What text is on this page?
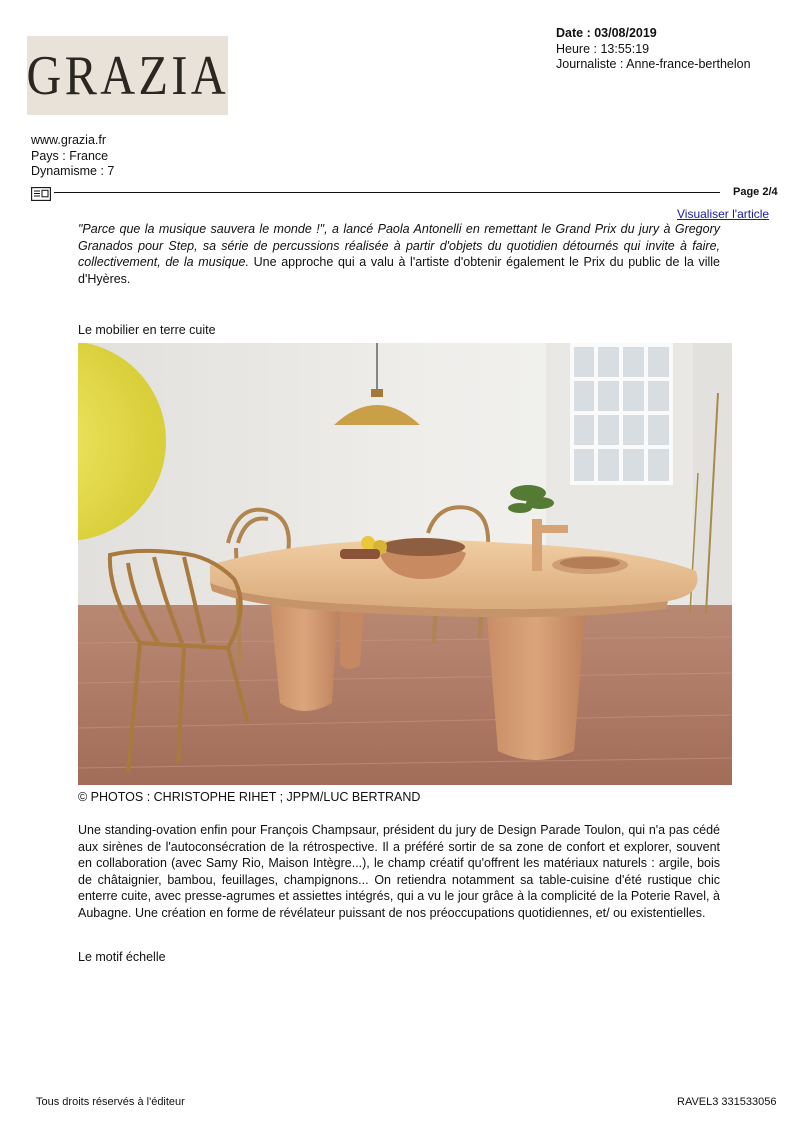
GRAZIA
Date : 03/08/2019
Heure : 13:55:19
Journaliste : Anne-france-berthelon
www.grazia.fr
Pays : France
Dynamisme : 7
Page 2/4
Visualiser l'article
"Parce que la musique sauvera le monde !", a lancé Paola Antonelli en remettant le Grand Prix du jury à Gregory Granados pour Step, sa série de percussions réalisée à partir d'objets du quotidien détournés qui invite à faire, collectivement, de la musique. Une approche qui a valu à l'artiste d'obtenir également le Prix du public de la ville d'Hyères.
Le mobilier en terre cuite
© PHOTOS : CHRISTOPHE RIHET ; JPPM/LUC BERTRAND
Une standing-ovation enfin pour François Champsaur, président du jury de Design Parade Toulon, qui n'a pas cédé aux sirènes de l'autoconsécration de la rétrospective. Il a préféré sortir de sa zone de confort et explorer, souvent en collaboration (avec Samy Rio, Maison Intègre...), le champ créatif qu'offrent les matériaux naturels : argile, bois de châtaignier, bambou, feuillages, champignons... On retiendra notamment sa table-cuisine d'été rustique chic enterre cuite, avec presse-agrumes et assiettes intégrés, qui a vu le jour grâce à la complicité de la Poterie Ravel, à Aubagne. Une création en forme de révélateur puissant de nos préoccupations quotidiennes, et/ ou existentielles.
Le motif échelle
Tous droits réservés à l'éditeur	RAVEL3 331533056
